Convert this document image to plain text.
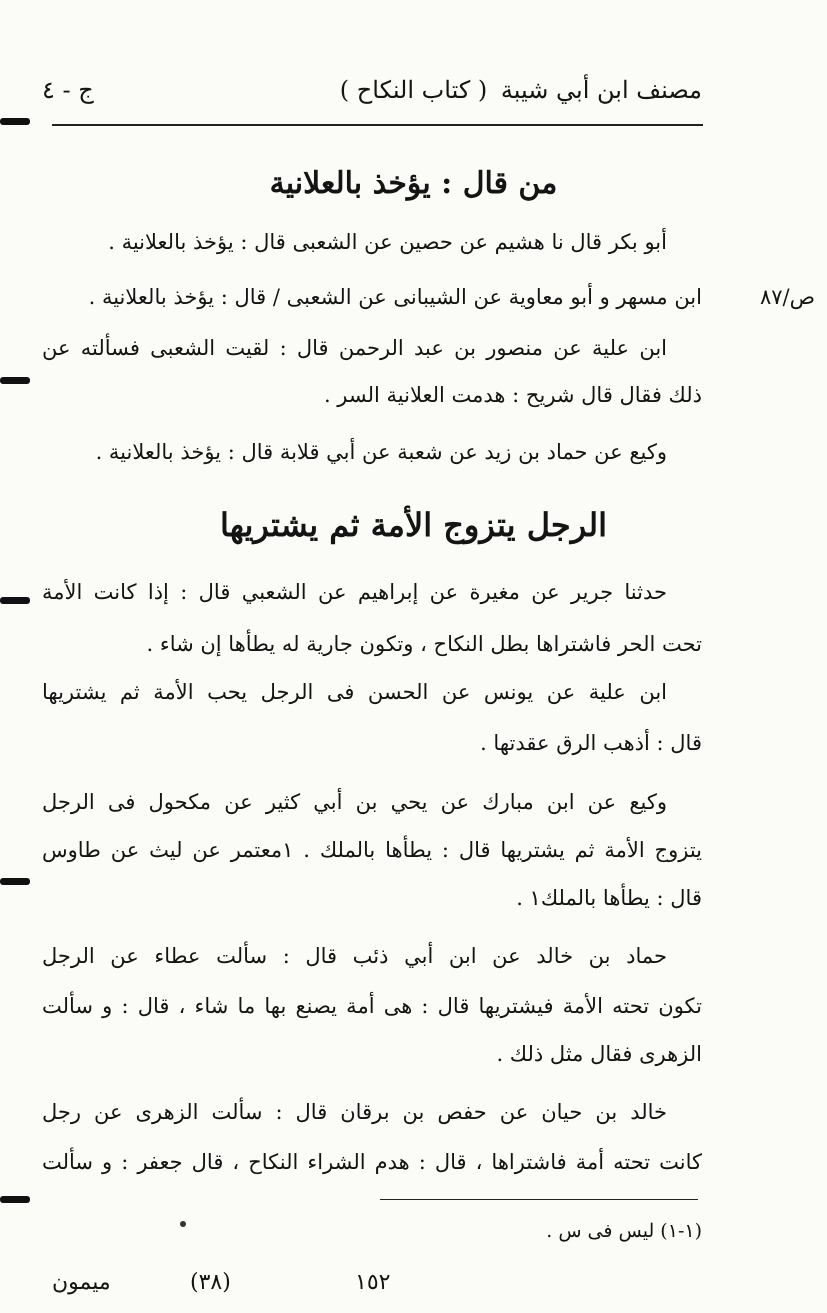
مصنف ابن أبي شيبة
( كتاب النكاح )
ج - ٤
من قال : يؤخذ بالعلانية
ص/٨٧
أبو بكر قال نا هشيم عن حصين عن الشعبى قال : يؤخذ بالعلانية .
ابن مسهر و أبو معاوية عن الشيبانى عن الشعبى / قال : يؤخذ بالعلانية .
ابن علية عن منصور بن عبد الرحمن قال : لقيت الشعبى فسألته عن
ذلك فقال قال شريح : هدمت العلانية السر .
وكيع عن حماد بن زيد عن شعبة عن أبي قلابة قال : يؤخذ بالعلانية .
الرجل يتزوج الأمة ثم يشتريها
حدثنا جرير عن مغيرة عن إبراهيم عن الشعبي قال : إذا كانت الأمة
تحت الحر فاشتراها بطل النكاح ، وتكون جارية له يطأها إن شاء .
ابن علية عن يونس عن الحسن فى الرجل يحب الأمة ثم يشتريها
قال : أذهب الرق عقدتها .
وكيع عن ابن مبارك عن يحي بن أبي كثير عن مكحول فى الرجل
يتزوج الأمة ثم يشتريها قال : يطأها بالملك . ١معتمر عن ليث عن طاوس
قال : يطأها بالملك١ .
حماد بن خالد عن ابن أبي ذئب قال : سألت عطاء عن الرجل
تكون تحته الأمة فيشتريها قال : هى أمة يصنع بها ما شاء ، قال : و سألت
الزهرى فقال مثل ذلك .
خالد بن حيان عن حفص بن برقان قال : سألت الزهرى عن رجل
كانت تحته أمة فاشتراها ، قال : هدم الشراء النكاح ، قال جعفر : و سألت
(١-١) ليس فى س .
١٥٢
(٣٨)
ميمون
